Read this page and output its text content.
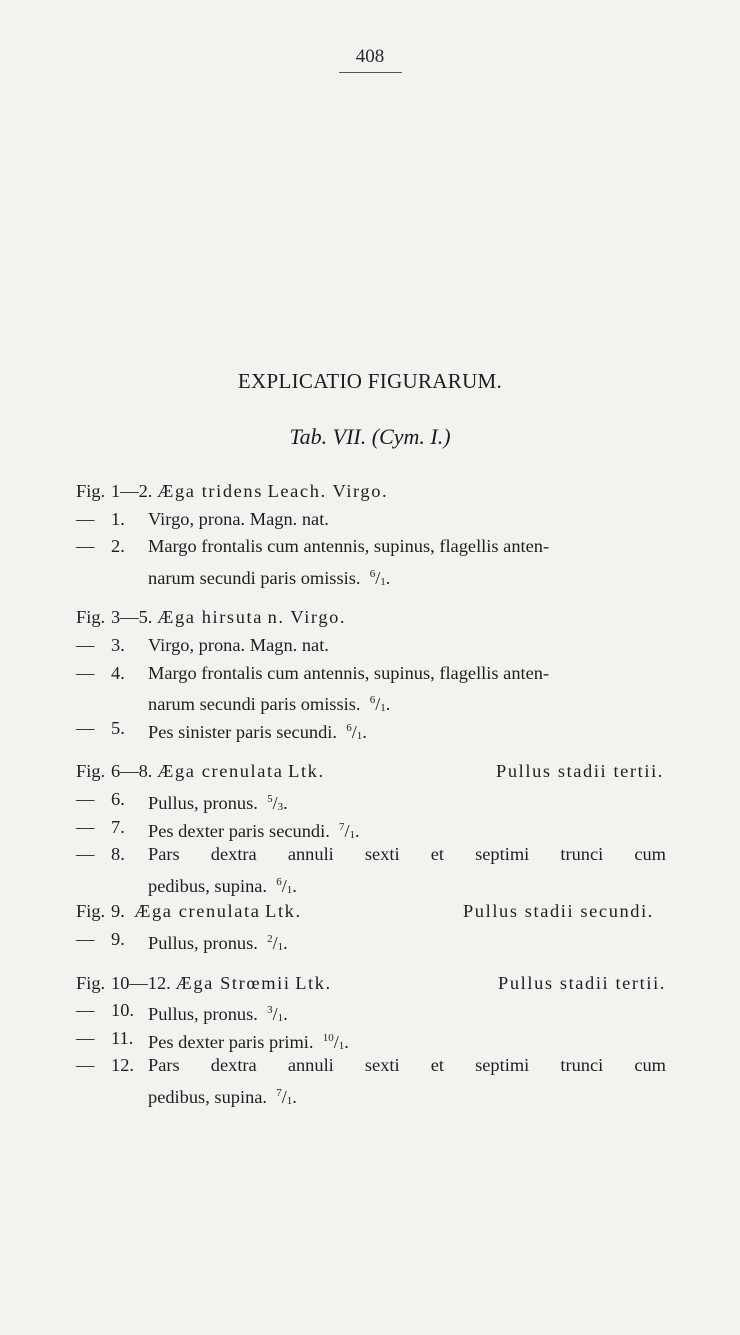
408
EXPLICATIO FIGURARUM.
Tab. VII. (Cym. I.)
Fig. 1—2. Æga tridens Leach. Virgo.
— 1. Virgo, prona. Magn. nat.
— 2. Margo frontalis cum antennis, supinus, flagellis anten-
narum secundi paris omissis. $^6/_1$.
Fig. 3—5. Æga hirsuta n. Virgo.
— 3. Virgo, prona. Magn. nat.
— 4. Margo frontalis cum antennis, supinus, flagellis anten-
narum secundi paris omissis. $^6/_1$.
— 5. Pes sinister paris secundi. $^6/_1$.
Fig. 6—8. Æga crenulata Ltk.	Pullus stadii tertii.
— 6. Pullus, pronus. $^5/_3$.
— 7. Pes dexter paris secundi. $^7/_1$.
— 8. Pars dextra annuli sexti et septimi trunci cum
pedibus, supina. $^6/_1$.
Fig. 9. Æga crenulata Ltk.	Pullus stadii secundi.
— 9. Pullus, pronus. $^2/_1$.
Fig. 10—12. Æga Strœmii Ltk.	Pullus stadii tertii.
— 10. Pullus, pronus. $^3/_1$.
— 11. Pes dexter paris primi. $^{10}/_1$.
— 12. Pars dextra annuli sexti et septimi trunci cum
pedibus, supina. $^7/_1$.
